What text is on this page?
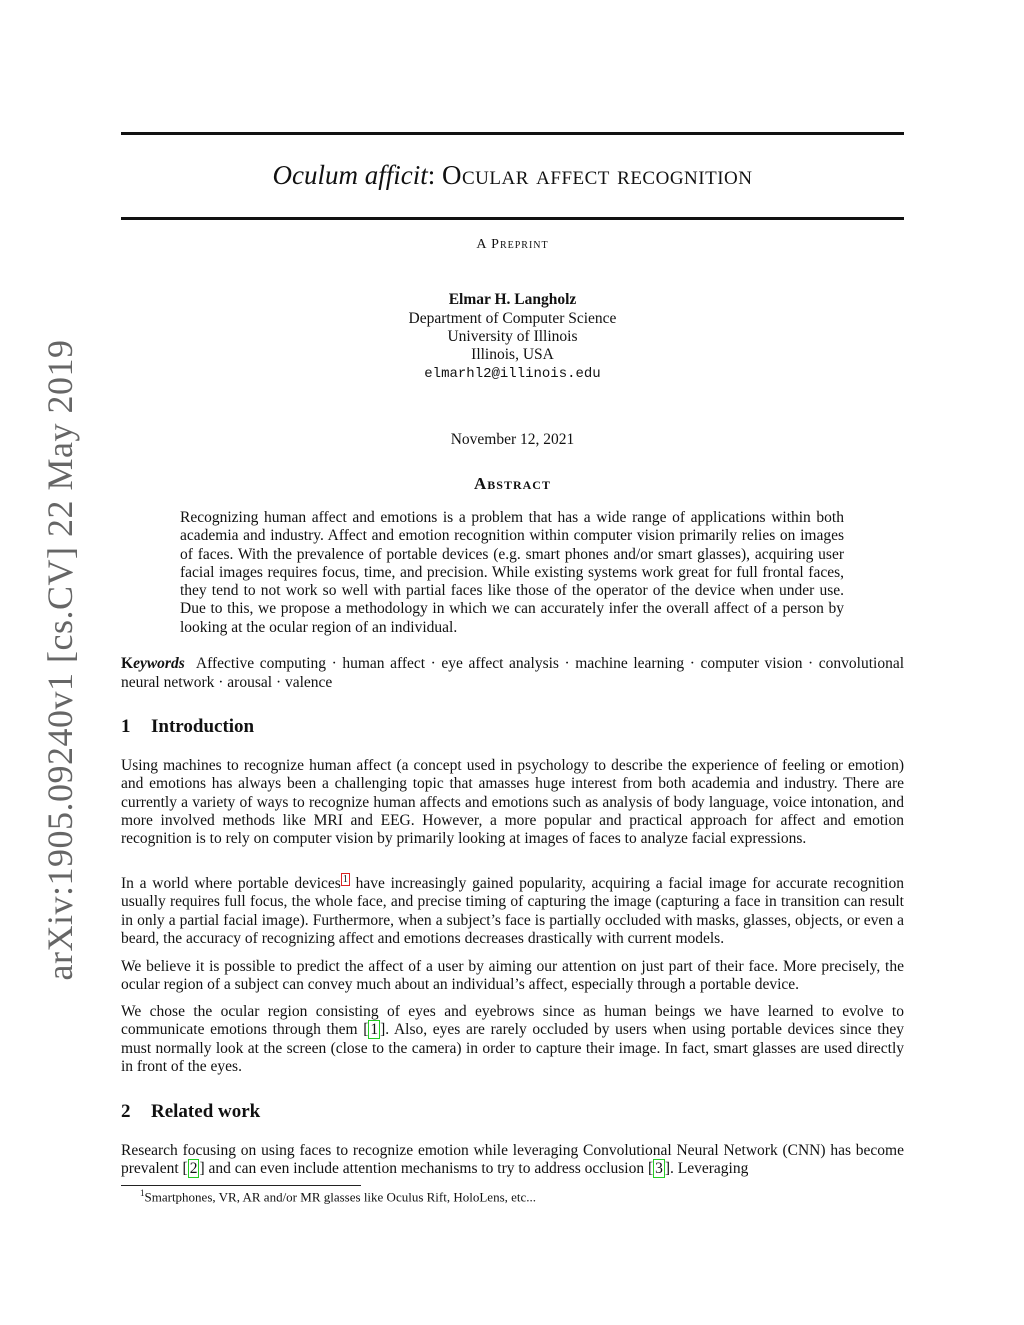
arXiv:1905.09240v1 [cs.CV] 22 May 2019
Oculum afficit: Ocular affect recognition
A Preprint
Elmar H. Langholz
Department of Computer Science
University of Illinois
Illinois, USA
elmarhl2@illinois.edu
November 12, 2021
Abstract

Recognizing human affect and emotions is a problem that has a wide range of applications within both academia and industry. Affect and emotion recognition within computer vision primarily relies on images of faces. With the prevalence of portable devices (e.g. smart phones and/or smart glasses), acquiring user facial images requires focus, time, and precision. While existing systems work great for full frontal faces, they tend to not work so well with partial faces like those of the operator of the device when under use. Due to this, we propose a methodology in which we can accurately infer the overall affect of a person by looking at the ocular region of an individual.

Keywords Affective computing · human affect · eye affect analysis · machine learning · computer vision · convolutional neural network · arousal · valence

1 Introduction

Using machines to recognize human affect (a concept used in psychology to describe the experience of feeling or emotion) and emotions has always been a challenging topic that amasses huge interest from both academia and industry. There are currently a variety of ways to recognize human affects and emotions such as analysis of body language, voice intonation, and more involved methods like MRI and EEG. However, a more popular and practical approach for affect and emotion recognition is to rely on computer vision by primarily looking at images of faces to analyze facial expressions.

In a world where portable devices $^1$ have increasingly gained popularity, acquiring a facial image for accurate recognition usually requires full focus, the whole face, and precise timing of capturing the image (capturing a face in transition can result in only a partial facial image). Furthermore, when a subject’s face is partially occluded with masks, glasses, objects, or even a beard, the accuracy of recognizing affect and emotions decreases drastically with current models.

We believe it is possible to predict the affect of a user by aiming our attention on just part of their face. More precisely, the ocular region of a subject can convey much about an individual’s affect, especially through a portable device.

We chose the ocular region consisting of eyes and eyebrows since as human beings we have learned to evolve to communicate emotions through them [ 1 ]. Also, eyes are rarely occluded by users when using portable devices since they must normally look at the screen (close to the camera) in order to capture their image. In fact, smart glasses are used directly in front of the eyes.

2 Related work

Research focusing on using faces to recognize emotion while leveraging Convolutional Neural Network (CNN) has become prevalent [ 2 ] and can even include attention mechanisms to try to address occlusion [ 3 ]. Leveraging

$^1$Smartphones, VR, AR and/or MR glasses like Oculus Rift, HoloLens, etc...
